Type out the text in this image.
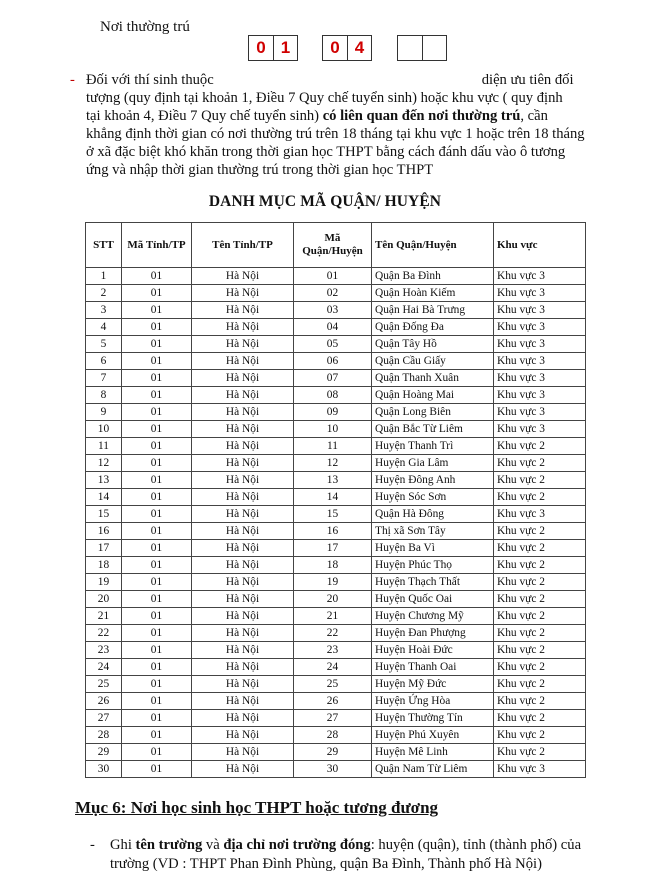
Nơi thường trú
0 1	0 4
- Đối với thí sinh thuộc	diện ưu tiên đối
tượng (quy định tại khoản 1, Điều 7 Quy chế tuyển sinh) hoặc khu vực ( quy định
tại khoản 4, Điều 7 Quy chế tuyển sinh) có liên quan đến nơi thường trú, cần
khẳng định thời gian có nơi thường trú trên 18 tháng tại khu vực 1 hoặc trên 18 tháng
ở xã đặc biệt khó khăn trong thời gian học THPT bằng cách đánh dấu vào ô tương
ứng và nhập thời gian thường trú trong thời gian học THPT
DANH MỤC MÃ QUẬN/ HUYỆN
STT	Mã Tỉnh/TP	Tên Tỉnh/TP	Mã Quận/Huyện	Tên Quận/Huyện	Khu vực
1	01	Hà Nội	01	Quận Ba Đình	Khu vực 3
2	01	Hà Nội	02	Quận Hoàn Kiếm	Khu vực 3
3	01	Hà Nội	03	Quận Hai Bà Trưng	Khu vực 3
4	01	Hà Nội	04	Quận Đống Đa	Khu vực 3
5	01	Hà Nội	05	Quận Tây Hồ	Khu vực 3
6	01	Hà Nội	06	Quận Cầu Giấy	Khu vực 3
7	01	Hà Nội	07	Quận Thanh Xuân	Khu vực 3
8	01	Hà Nội	08	Quận Hoàng Mai	Khu vực 3
9	01	Hà Nội	09	Quận Long Biên	Khu vực 3
10	01	Hà Nội	10	Quận Bắc Từ Liêm	Khu vực 3
11	01	Hà Nội	11	Huyện Thanh Trì	Khu vực 2
12	01	Hà Nội	12	Huyện Gia Lâm	Khu vực 2
13	01	Hà Nội	13	Huyện Đông Anh	Khu vực 2
14	01	Hà Nội	14	Huyện Sóc Sơn	Khu vực 2
15	01	Hà Nội	15	Quận Hà Đông	Khu vực 3
16	01	Hà Nội	16	Thị xã Sơn Tây	Khu vực 2
17	01	Hà Nội	17	Huyện Ba Vì	Khu vực 2
18	01	Hà Nội	18	Huyện Phúc Thọ	Khu vực 2
19	01	Hà Nội	19	Huyện Thạch Thất	Khu vực 2
20	01	Hà Nội	20	Huyện Quốc Oai	Khu vực 2
21	01	Hà Nội	21	Huyện Chương Mỹ	Khu vực 2
22	01	Hà Nội	22	Huyện Đan Phượng	Khu vực 2
23	01	Hà Nội	23	Huyện Hoài Đức	Khu vực 2
24	01	Hà Nội	24	Huyện Thanh Oai	Khu vực 2
25	01	Hà Nội	25	Huyện Mỹ Đức	Khu vực 2
26	01	Hà Nội	26	Huyện Ứng Hòa	Khu vực 2
27	01	Hà Nội	27	Huyện Thường Tín	Khu vực 2
28	01	Hà Nội	28	Huyện Phú Xuyên	Khu vực 2
29	01	Hà Nội	29	Huyện Mê Linh	Khu vực 2
30	01	Hà Nội	30	Quận Nam Từ Liêm	Khu vực 3
Mục 6: Nơi học sinh học THPT hoặc tương đương
- Ghi tên trường và địa chỉ nơi trường đóng: huyện (quận), tỉnh (thành phố) của
trường (VD : THPT Phan Đình Phùng, quận Ba Đình, Thành phố Hà Nội)
